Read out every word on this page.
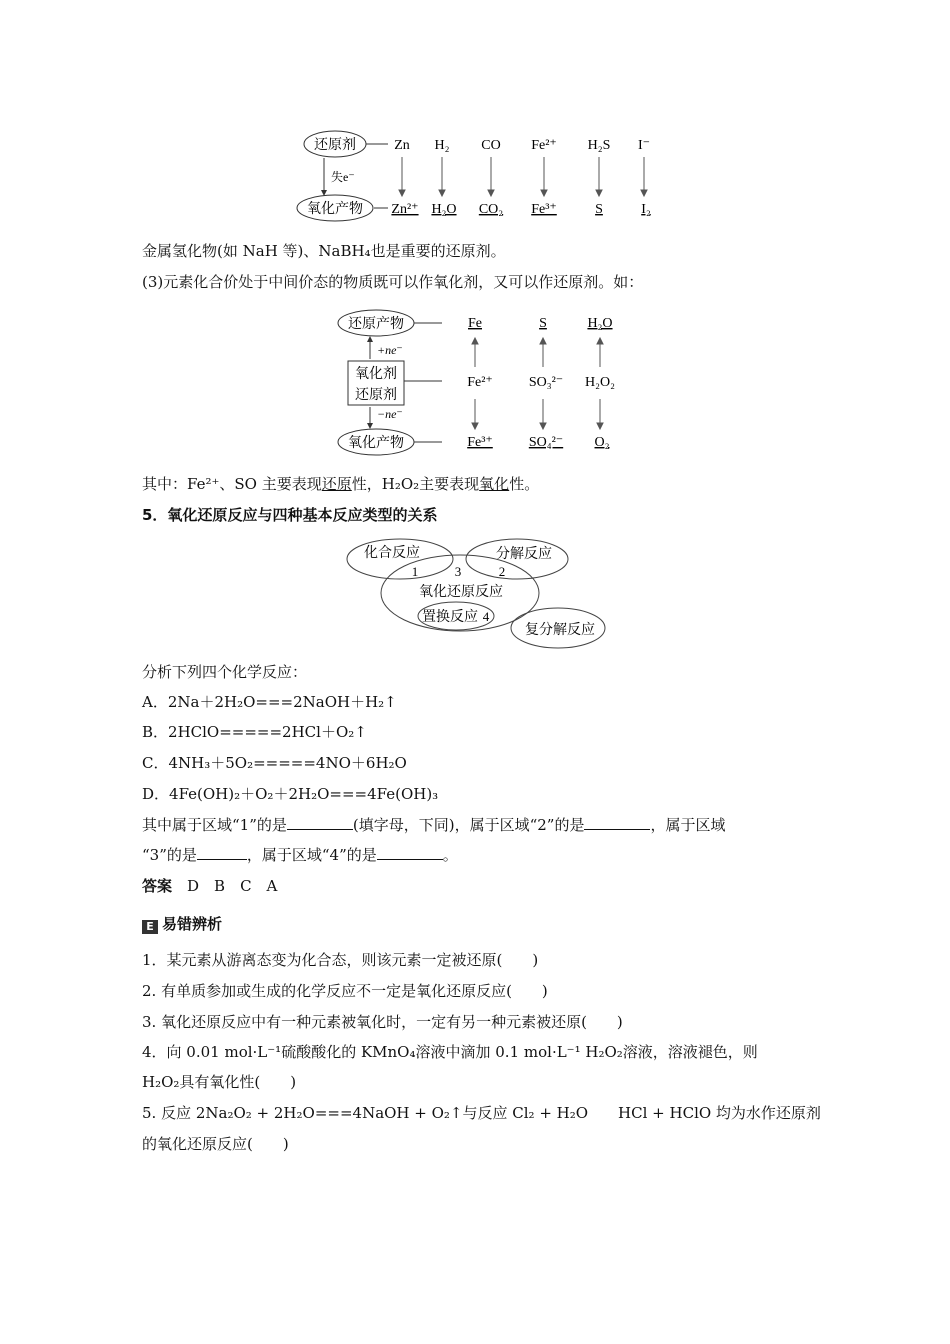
还原剂
氧化产物
失e⁻
Zn H₂ CO Fe²⁺ H₂S I⁻
Zn²⁺ H₂O CO₂ Fe³⁺	S	I₂
金属氢化物(如 NaH 等)、NaBH₄也是重要的还原剂。
(3)元素化合价处于中间价态的物质既可以作氧化剂，又可以作还原剂。如：
还原产物
氧化剂
还原剂
氧化产物
+ne⁻
−ne⁻
Fe	S	H₂O
Fe²⁺	SO₃²⁻ H₂O₂
Fe³⁺	SO₄²⁻ O₂
其中：Fe²⁺、SO 主要表现还原性，H₂O₂主要表现氧化性。
5．氧化还原反应与四种基本反应类型的关系
化合反应	分解反应
1	3	2
氧化还原反应
置换反应 4
复分解反应
分析下列四个化学反应：
A．2Na＋2H₂O===2NaOH＋H₂↑
B．2HClO=====2HCl＋O₂↑
C．4NH₃＋5O₂=====4NO＋6H₂O
D．4Fe(OH)₂＋O₂＋2H₂O===4Fe(OH)₃
其中属于区域“1”的是	(填字母，下同)，属于区域“2”的是	，属于区域
“3”的是	，属于区域“4”的是	。
答案　 D　B　C　A
E 易错辨析
1．某元素从游离态变为化合态，则该元素一定被还原(　　)
2. 有单质参加或生成的化学反应不一定是氧化还原反应(　　)
3. 氧化还原反应中有一种元素被氧化时，一定有另一种元素被还原(　　)
4．向 0.01 mol·L⁻¹硫酸酸化的 KMnO₄溶液中滴加 0.1 mol·L⁻¹ H₂O₂溶液，溶液褪色，则
H₂O₂具有氧化性(　　)
5. 反应 2Na₂O₂ + 2H₂O===4NaOH + O₂↑与反应 Cl₂ + H₂O　　HCl + HClO 均为水作还原剂
的氧化还原反应(　　)
